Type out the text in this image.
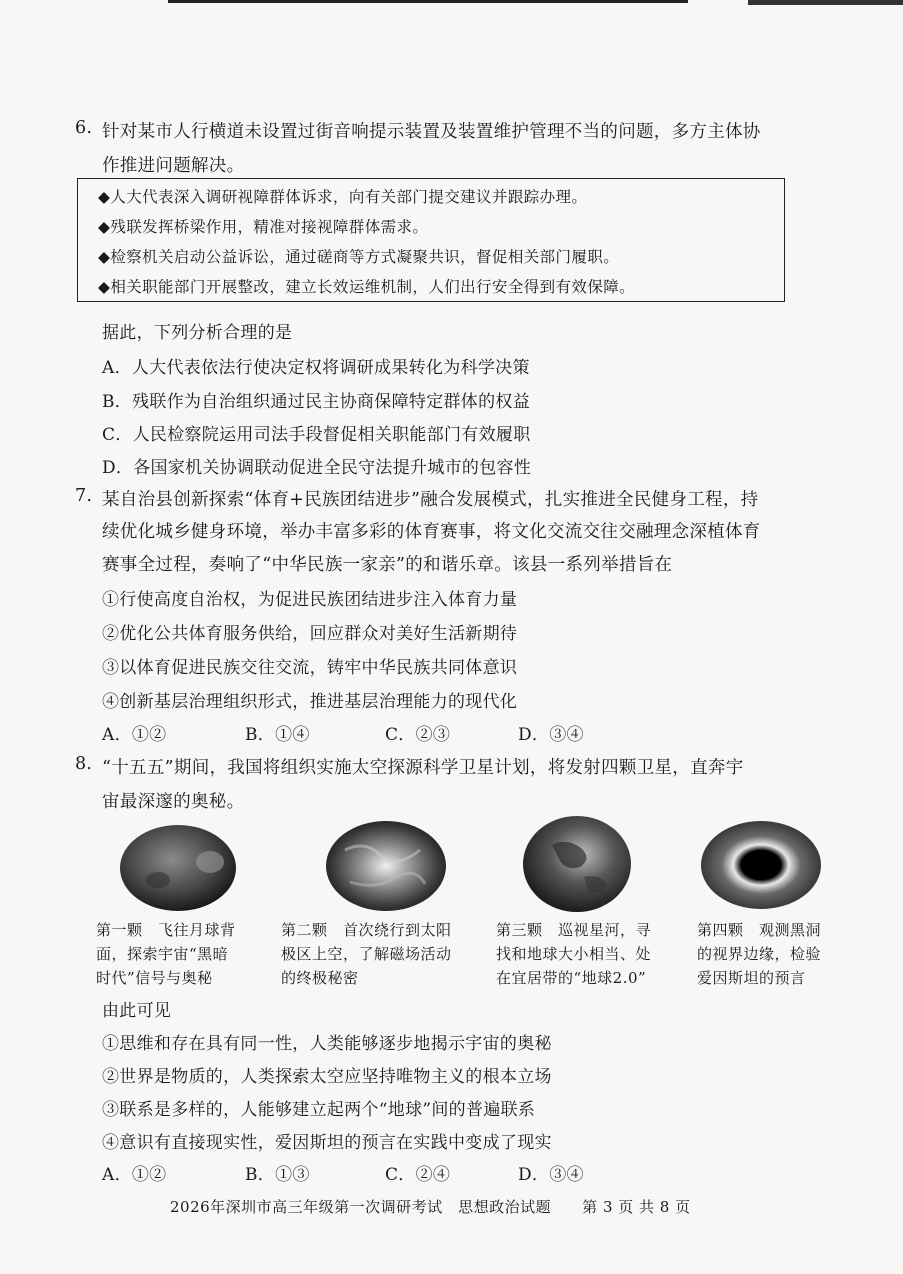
6. 针对某市人行横道未设置过街音响提示装置及装置维护管理不当的问题，多方主体协
作推进问题解决。
◆人大代表深入调研视障群体诉求，向有关部门提交建议并跟踪办理。
◆残联发挥桥梁作用，精准对接视障群体需求。
◆检察机关启动公益诉讼，通过磋商等方式凝聚共识，督促相关部门履职。
◆相关职能部门开展整改，建立长效运维机制，人们出行安全得到有效保障。
据此，下列分析合理的是
A．人大代表依法行使决定权将调研成果转化为科学决策
B．残联作为自治组织通过民主协商保障特定群体的权益
C．人民检察院运用司法手段督促相关职能部门有效履职
D．各国家机关协调联动促进全民守法提升城市的包容性
7. 某自治县创新探索“体育+民族团结进步”融合发展模式，扎实推进全民健身工程，持
续优化城乡健身环境，举办丰富多彩的体育赛事，将文化交流交往交融理念深植体育
赛事全过程，奏响了“中华民族一家亲”的和谐乐章。该县一系列举措旨在
①行使高度自治权，为促进民族团结进步注入体育力量
②优化公共体育服务供给，回应群众对美好生活新期待
③以体育促进民族交往交流，铸牢中华民族共同体意识
④创新基层治理组织形式，推进基层治理能力的现代化
A．①②	B．①④	C．②③	D．③④
8. “十五五”期间，我国将组织实施太空探源科学卫星计划，将发射四颗卫星，直奔宇
宙最深邃的奥秘。
第一颗　飞往月球背
面，探索宇宙“黑暗
时代”信号与奥秘
第二颗　首次绕行到太阳
极区上空，了解磁场活动
的终极秘密
第三颗　巡视星河，寻
找和地球大小相当、处
在宜居带的“地球2.0”
第四颗　观测黑洞
的视界边缘，检验
爱因斯坦的预言
由此可见
①思维和存在具有同一性，人类能够逐步地揭示宇宙的奥秘
②世界是物质的，人类探索太空应坚持唯物主义的根本立场
③联系是多样的，人能够建立起两个“地球”间的普遍联系
④意识有直接现实性，爱因斯坦的预言在实践中变成了现实
A．①②	B．①③	C．②④	D．③④
2026年深圳市高三年级第一次调研考试　思想政治试题　　第 3 页 共 8 页
